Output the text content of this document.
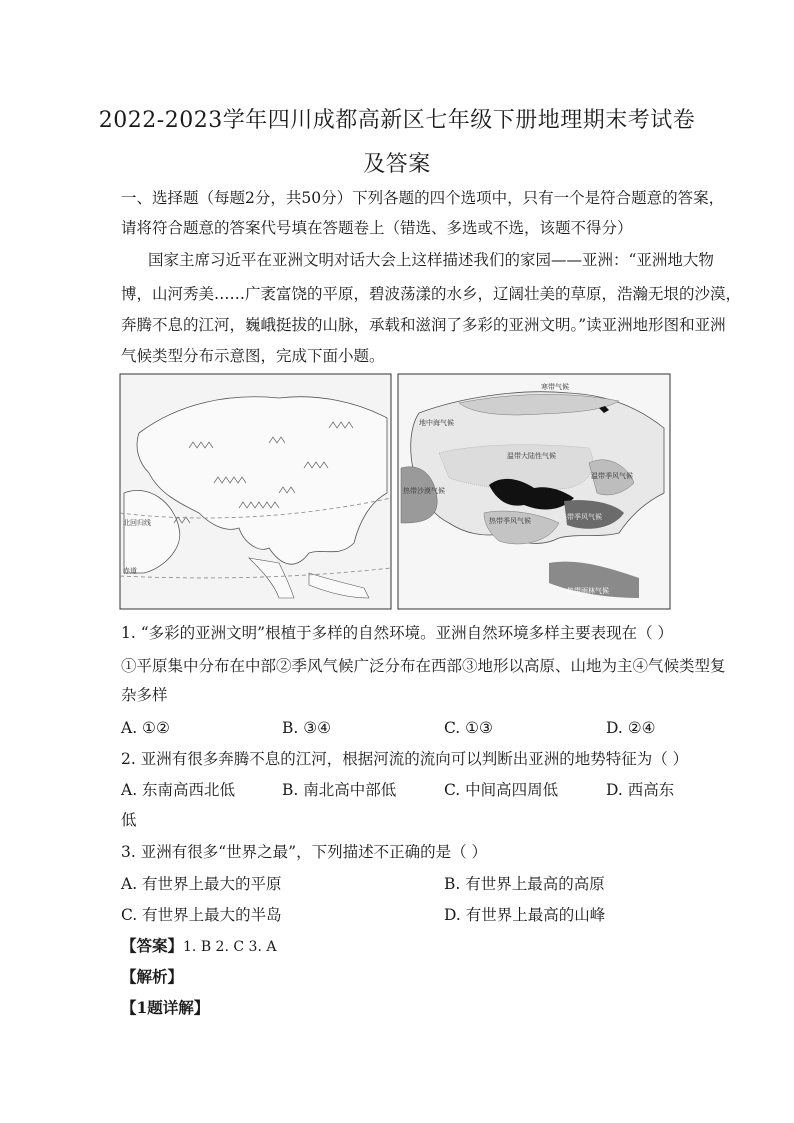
2022-2023学年四川成都高新区七年级下册地理期末考试卷
及答案
一、选择题（每题2分，共50分）下列各题的四个选项中，只有一个是符合题意的答案，
请将符合题意的答案代号填在答题卷上（错选、多选或不选，该题不得分）
国家主席习近平在亚洲文明对话大会上这样描述我们的家园——亚洲：“亚洲地大物
博，山河秀美……广袤富饶的平原，碧波荡漾的水乡，辽阔壮美的草原，浩瀚无垠的沙漠，
奔腾不息的江河，巍峨挺拔的山脉，承载和滋润了多彩的亚洲文明。”读亚洲地形图和亚洲
气候类型分布示意图，完成下面小题。
北回归线
赤道
寒带气候
地中海气候
温带大陆性气候
热带沙漠气候
温带季风气候
热带季风气候	亚热带季风气候
热带雨林气候
1. “多彩的亚洲文明”根植于多样的自然环境。亚洲自然环境多样主要表现在（ ）
①平原集中分布在中部②季风气候广泛分布在西部③地形以高原、山地为主④气候类型复
杂多样
A. ①②	B. ③④	C. ①③	D. ②④
2. 亚洲有很多奔腾不息的江河，根据河流的流向可以判断出亚洲的地势特征为（ ）
A. 东南高西北低	B. 南北高中部低	C. 中间高四周低	D. 西高东
低
3. 亚洲有很多“世界之最”，下列描述不正确的是（ ）
A. 有世界上最大的平原	B. 有世界上最高的高原
C. 有世界上最大的半岛	D. 有世界上最高的山峰
【答案】1. B 2. C 3. A
【解析】
【1题详解】
